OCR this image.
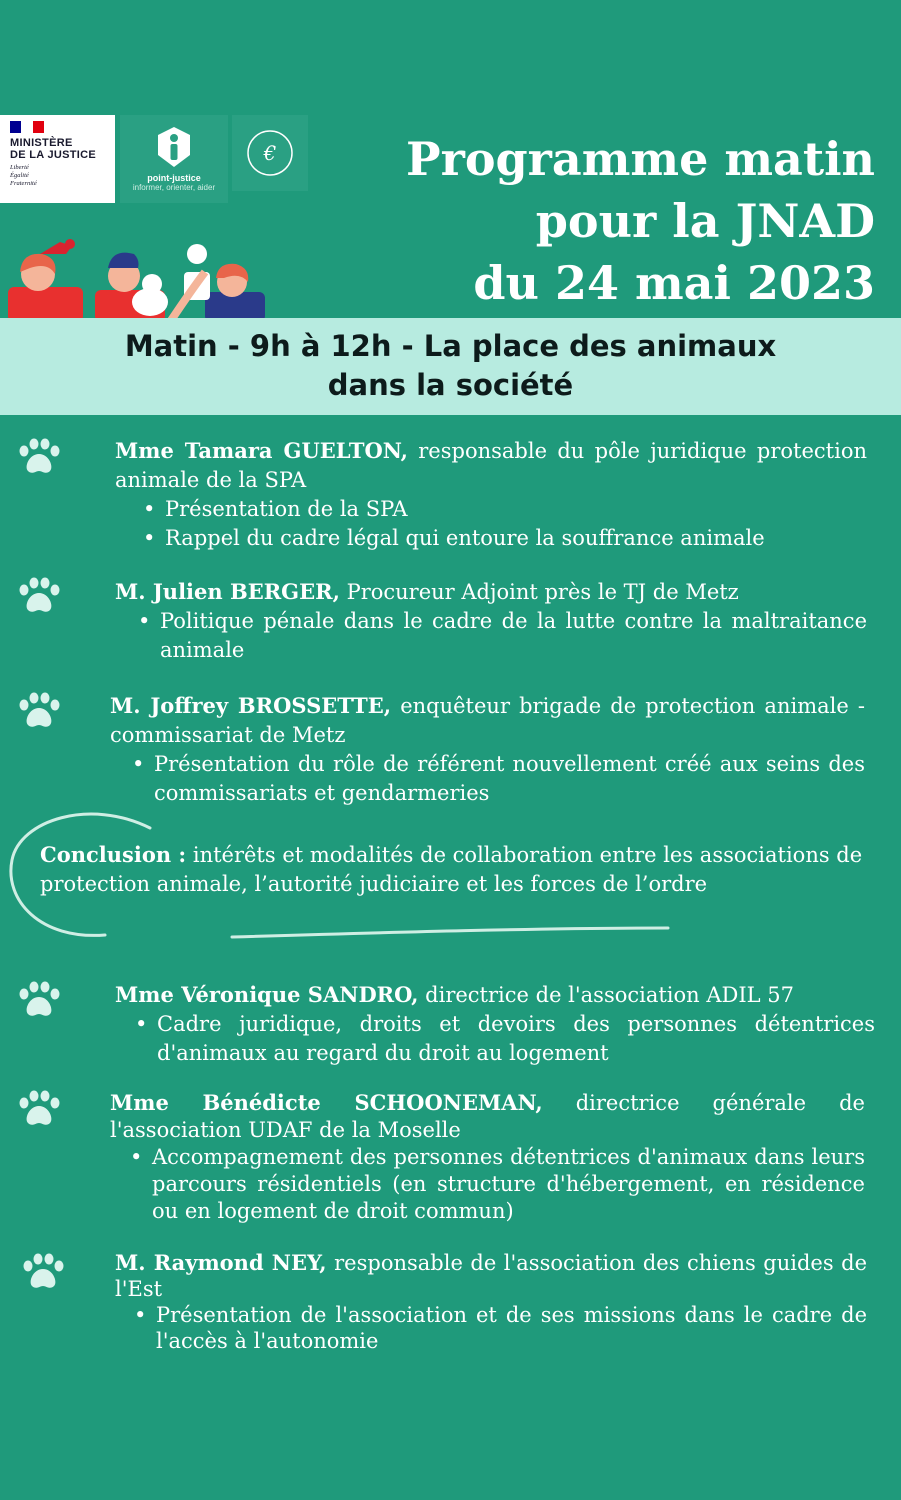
MINISTÈRE
DE LA JUSTICE
Liberté
Égalité
Fraternité
point-justice
informer, orienter, aider
€	Programme matin
pour la JNAD
du 24 mai 2023
Matin - 9h à 12h - La place des animaux
dans la société
Mme Tamara GUELTON, responsable du pôle juridique protection animale de la SPA
• Présentation de la SPA
• Rappel du cadre légal qui entoure la souffrance animale
M. Julien BERGER, Procureur Adjoint près le TJ de Metz
• Politique pénale dans le cadre de la lutte contre la maltraitance animale
M. Joffrey BROSSETTE, enquêteur brigade de protection animale - commissariat de Metz
• Présentation du rôle de référent nouvellement créé aux seins des commissariats et gendarmeries
Conclusion : intérêts et modalités de collaboration entre les associations de protection animale, l’autorité judiciaire et les forces de l’ordre
Mme Véronique SANDRO, directrice de l'association ADIL 57
• Cadre juridique, droits et devoirs des personnes détentrices d'animaux au regard du droit au logement
Mme Bénédicte SCHOONEMAN, directrice générale de l'association UDAF de la Moselle
• Accompagnement des personnes détentrices d'animaux dans leurs parcours résidentiels (en structure d'hébergement, en résidence ou en logement de droit commun)
M. Raymond NEY, responsable de l'association des chiens guides de l'Est
• Présentation de l'association et de ses missions dans le cadre de l'accès à l'autonomie
